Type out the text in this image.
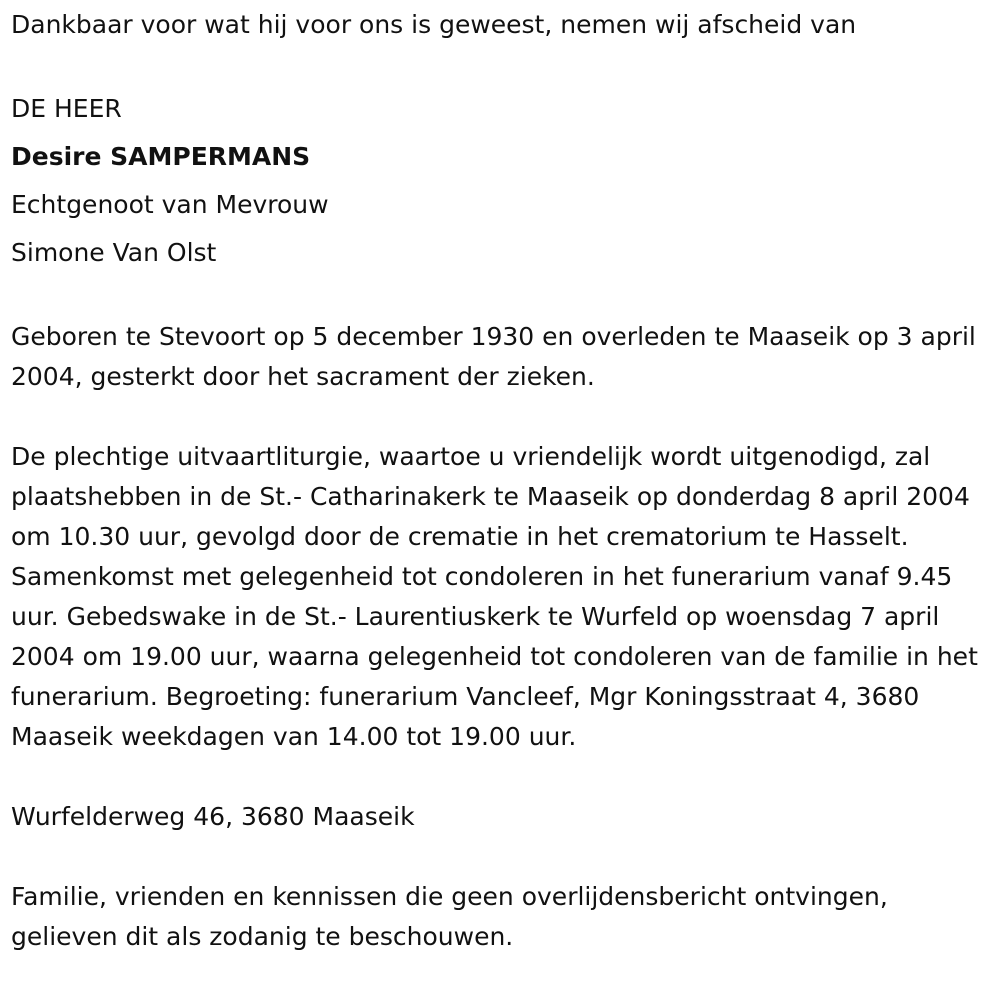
Dankbaar voor wat hij voor ons is geweest, nemen wij afscheid van
DE HEER
Desire SAMPERMANS
Echtgenoot van Mevrouw
Simone Van Olst
Geboren te Stevoort op 5 december 1930 en overleden te Maaseik op 3 april 2004, gesterkt door het sacrament der zieken.
De plechtige uitvaartliturgie, waartoe u vriendelijk wordt uitgenodigd, zal plaatshebben in de St.- Catharinakerk te Maaseik op donderdag 8 april 2004 om 10.30 uur, gevolgd door de crematie in het crematorium te Hasselt. Samenkomst met gelegenheid tot condoleren in het funerarium vanaf 9.45 uur. Gebedswake in de St.- Laurentiuskerk te Wurfeld op woensdag 7 april 2004 om 19.00 uur, waarna gelegenheid tot condoleren van de familie in het funerarium. Begroeting: funerarium Vancleef, Mgr Koningsstraat 4, 3680 Maaseik weekdagen van 14.00 tot 19.00 uur.
Wurfelderweg 46, 3680 Maaseik
Familie, vrienden en kennissen die geen overlijdensbericht ontvingen, gelieven dit als zodanig te beschouwen.
